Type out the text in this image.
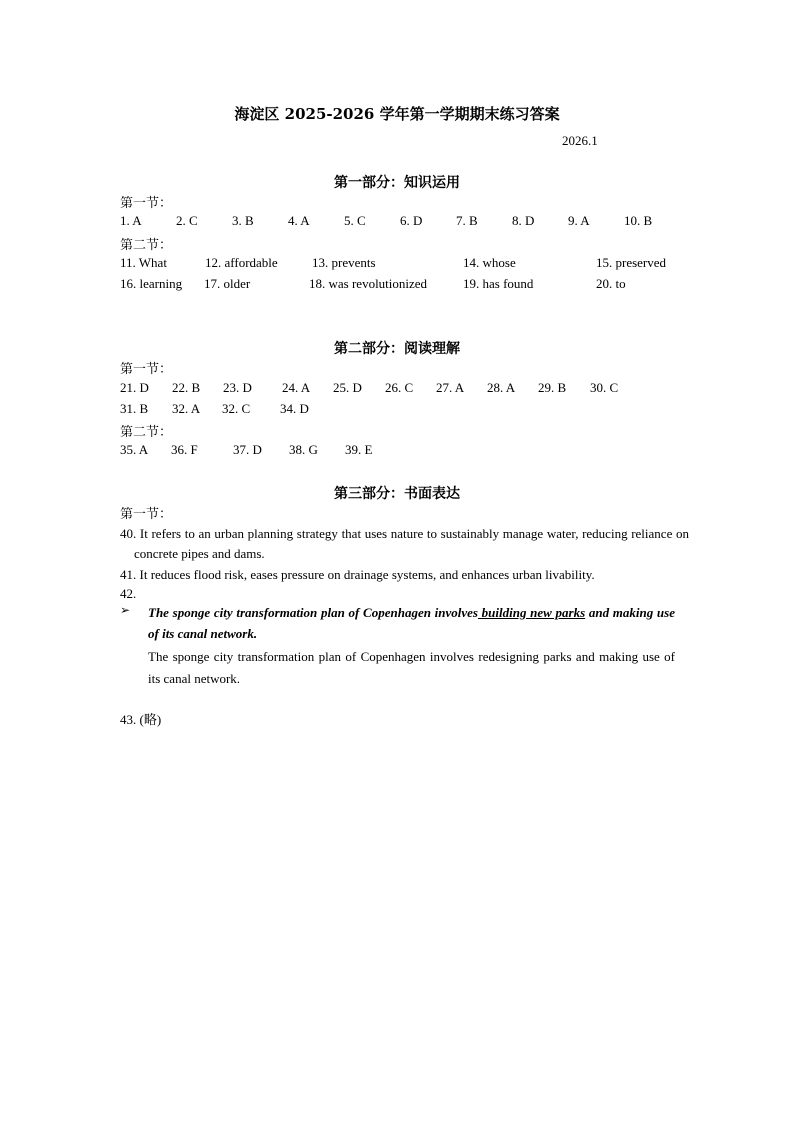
海淀区 2025-2026 学年第一学期期末练习答案
2026.1
第一部分：知识运用
第一节：
1. A	2. C	3. B	4. A	5. C	6. D	7. B	8. D	9. A	10. B
第二节：
11. What	12. affordable	13. prevents	14. whose	15. preserved
16. learning 17. older	18. was revolutionized	19. has found	20. to
第二部分：阅读理解
第一节：
21. D 22. B 23. D 24. A 25. D 26. C 27. A 28. A 29. B 30. C
31. B 32. A 32. C 34. D
第二节：
35. A 36. F	37. D 38. G 39. E
第三部分：书面表达
第一节：
40. It refers to an urban planning strategy that uses nature to sustainably manage water, reducing reliance on concrete pipes and dams.
41. It reduces flood risk, eases pressure on drainage systems, and enhances urban livability.
42.
➢ The sponge city transformation plan of Copenhagen involves building new parks and making use of its canal network.
The sponge city transformation plan of Copenhagen involves redesigning parks and making use of its canal network.
43. (略)
